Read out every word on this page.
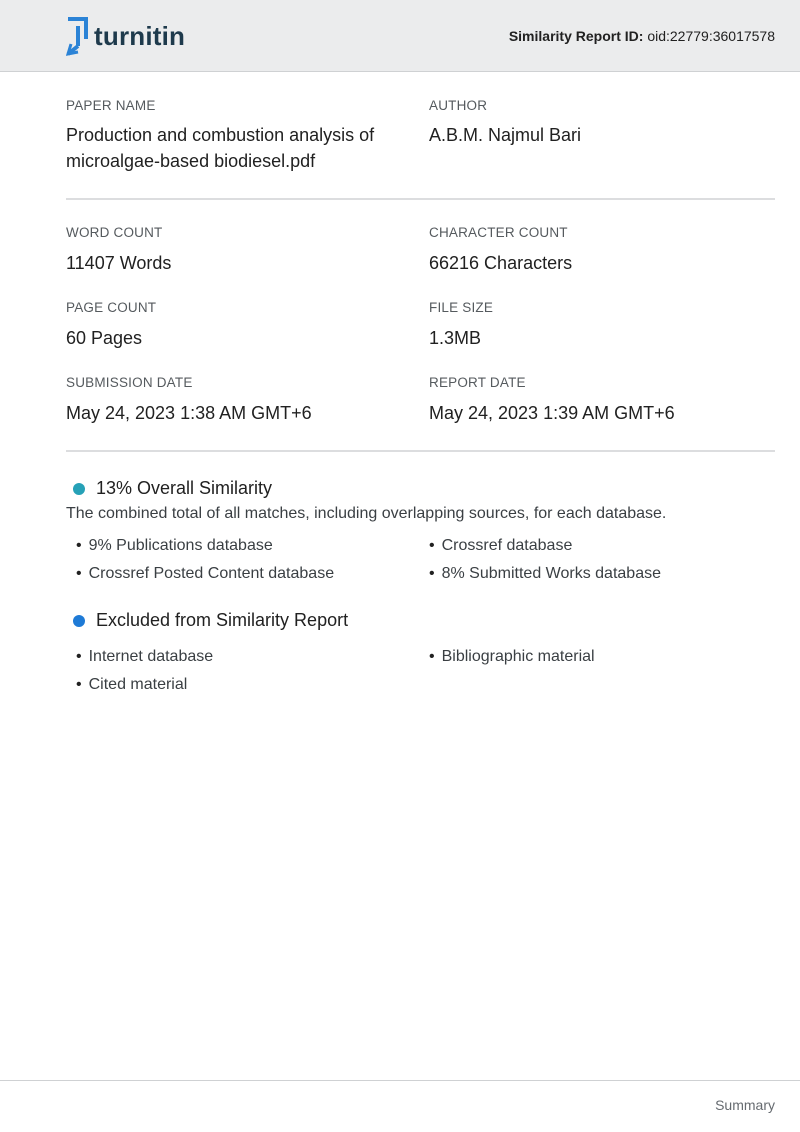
turnitin	Similarity Report ID: oid:22779:36017578
PAPER NAME
Production and combustion analysis of
microalgae-based biodiesel.pdf
AUTHOR
A.B.M. Najmul Bari
WORD COUNT
11407 Words
CHARACTER COUNT
66216 Characters
PAGE COUNT
60 Pages
FILE SIZE
1.3MB
SUBMISSION DATE
May 24, 2023 1:38 AM GMT+6
REPORT DATE
May 24, 2023 1:39 AM GMT+6
13% Overall Similarity
The combined total of all matches, including overlapping sources, for each database.
• 9% Publications database	• Crossref database
• Crossref Posted Content database	• 8% Submitted Works database
Excluded from Similarity Report
• Internet database	• Bibliographic material
• Cited material
Summary
